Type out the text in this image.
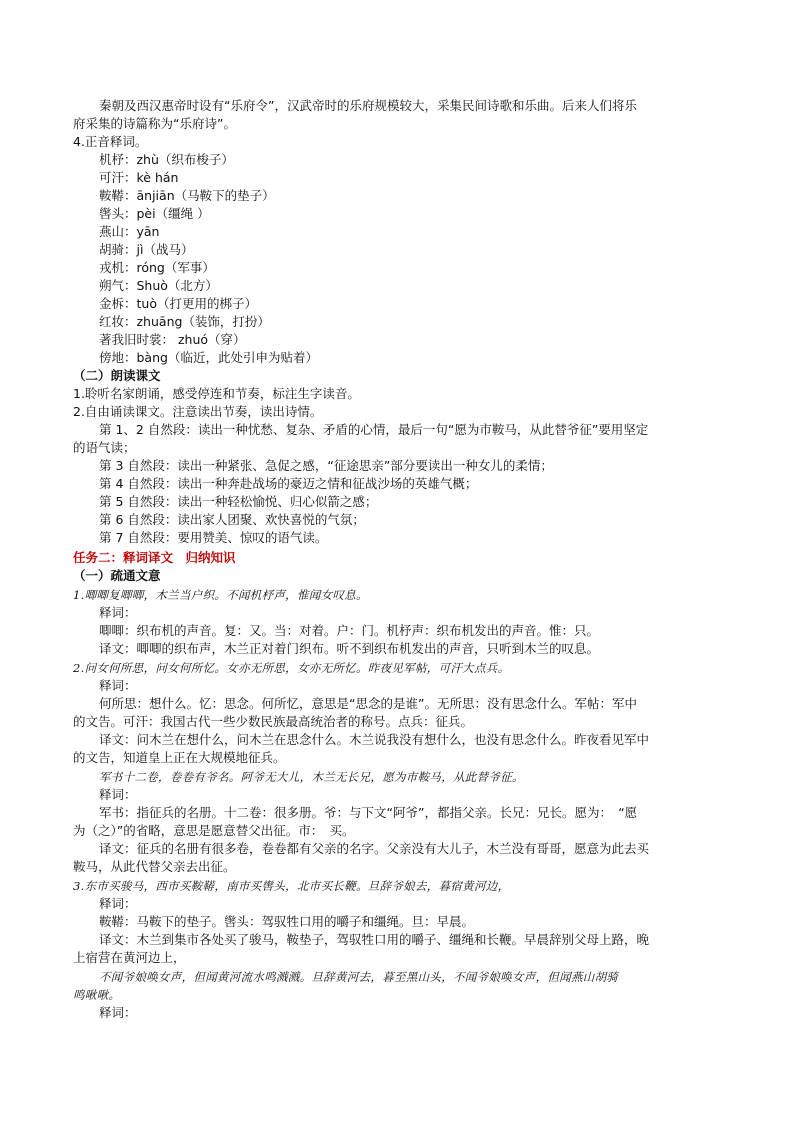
秦朝及西汉惠帝时设有“乐府令”，汉武帝时的乐府规模较大，采集民间诗歌和乐曲。后来人们将乐
府采集的诗篇称为“乐府诗”。
4.正音释词。
机杼：zhù（织布梭子）
可汗：kè hán
鞍鞯：ānjiān（马鞍下的垫子）
辔头：pèi（缰绳 ）
燕山：yān
胡骑：jì（战马）
戎机：róng（军事）
朔气：Shuò（北方）
金柝：tuò（打更用的梆子）
红妆：zhuāng（装饰，打扮）
著我旧时裳： zhuó（穿）
傍地：bàng（临近，此处引申为贴着）
（二）朗读课文
1.聆听名家朗诵，感受停连和节奏，标注生字读音。
2.自由诵读课文。注意读出节奏，读出诗情。
第 1、2 自然段：读出一种忧愁、复杂、矛盾的心情，最后一句“愿为市鞍马，从此替爷征”要用坚定
的语气读；
第 3 自然段：读出一种紧张、急促之感，“征途思亲”部分要读出一种女儿的柔情；
第 4 自然段：读出一种奔赴战场的豪迈之情和征战沙场的英雄气概；
第 5 自然段：读出一种轻松愉悦、归心似箭之感；
第 6 自然段：读出家人团聚、欢快喜悦的气氛；
第 7 自然段：要用赞美、惊叹的语气读。
任务二：释词译文　归纳知识
（一）疏通文意
1.唧唧复唧唧，木兰当户织。不闻机杼声，惟闻女叹息。
释词：
唧唧：织布机的声音。复：又。当：对着。户：门。机杼声：织布机发出的声音。惟：只。
译文：唧唧的织布声，木兰正对着门织布。听不到织布机发出的声音，只听到木兰的叹息。
2.问女何所思，问女何所忆。女亦无所思，女亦无所忆。昨夜见军帖，可汗大点兵。
释词：
何所思：想什么。忆：思念。何所忆，意思是“思念的是谁”。无所思：没有思念什么。军帖：军中
的文告。可汗：我国古代一些少数民族最高统治者的称号。点兵：征兵。
译文：问木兰在想什么，问木兰在思念什么。木兰说我没有想什么，也没有思念什么。昨夜看见军中
的文告，知道皇上正在大规模地征兵。
军书十二卷，卷卷有爷名。阿爷无大儿，木兰无长兄，愿为市鞍马，从此替爷征。
释词：
军书：指征兵的名册。十二卷：很多册。爷：与下文“阿爷”，都指父亲。长兄：兄长。愿为：　“愿
为（之）”的省略，意思是愿意替父出征。市：　买。
译文：征兵的名册有很多卷，卷卷都有父亲的名字。父亲没有大儿子，木兰没有哥哥，愿意为此去买
鞍马，从此代替父亲去出征。
3.东市买骏马，西市买鞍鞯，南市买辔头，北市买长鞭。旦辞爷娘去，暮宿黄河边，
释词：
鞍鞯：马鞍下的垫子。辔头：驾驭牲口用的嚼子和缰绳。旦：早晨。
译文：木兰到集市各处买了骏马，鞍垫子，驾驭牲口用的嚼子、缰绳和长鞭。早晨辞别父母上路，晚
上宿营在黄河边上，
不闻爷娘唤女声，但闻黄河流水鸣溅溅。旦辞黄河去，暮至黑山头，不闻爷娘唤女声，但闻燕山胡骑
鸣啾啾。
释词：
